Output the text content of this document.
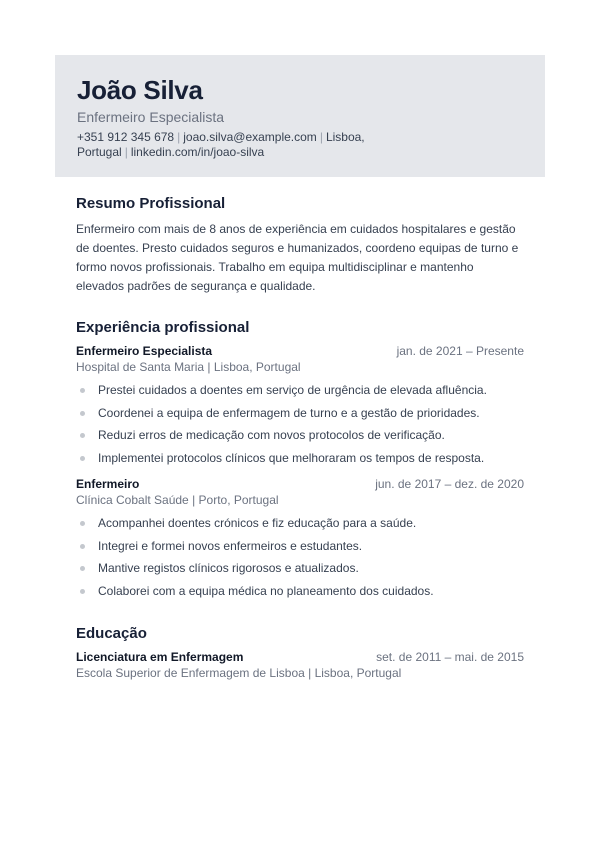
João Silva
Enfermeiro Especialista
+351 912 345 678 | joao.silva@example.com | Lisboa, Portugal | linkedin.com/in/joao-silva
Resumo Profissional

Enfermeiro com mais de 8 anos de experiência em cuidados hospitalares e gestão de doentes. Presto cuidados seguros e humanizados, coordeno equipas de turno e formo novos profissionais. Trabalho em equipa multidisciplinar e mantenho elevados padrões de segurança e qualidade.

Experiência profissional
Enfermeiro Especialista	jan. de 2021 – Presente
Hospital de Santa Maria | Lisboa, Portugal
Prestei cuidados a doentes em serviço de urgência de elevada afluência.
Coordenei a equipa de enfermagem de turno e a gestão de prioridades.
Reduzi erros de medicação com novos protocolos de verificação.
Implementei protocolos clínicos que melhoraram os tempos de resposta.
Enfermeiro	jun. de 2017 – dez. de 2020
Clínica Cobalt Saúde | Porto, Portugal
Acompanhei doentes crónicos e fiz educação para a saúde.
Integrei e formei novos enfermeiros e estudantes.
Mantive registos clínicos rigorosos e atualizados.
Colaborei com a equipa médica no planeamento dos cuidados.
Educação
Licenciatura em Enfermagem	set. de 2011 – mai. de 2015
Escola Superior de Enfermagem de Lisboa | Lisboa, Portugal
